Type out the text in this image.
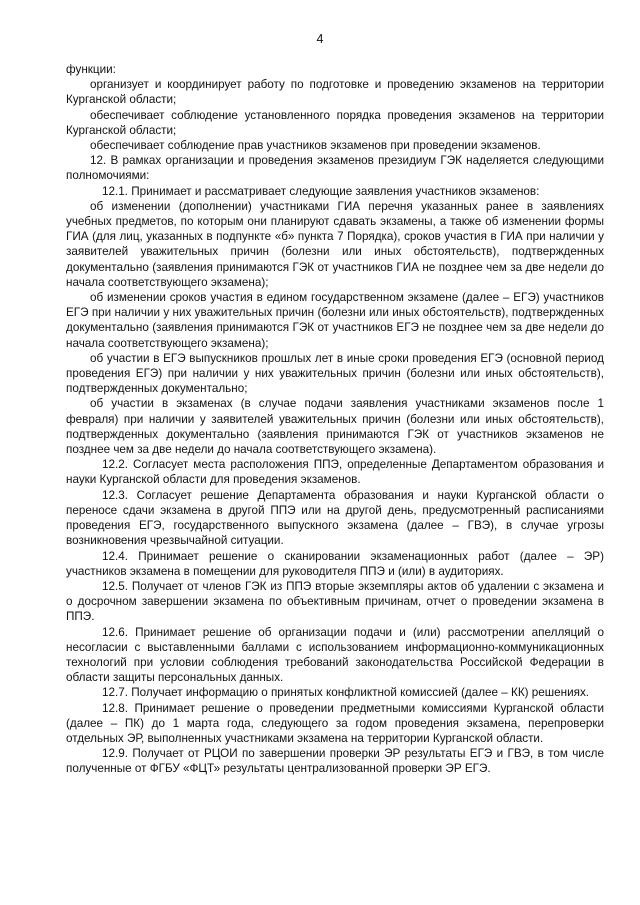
4

функции:

организует и координирует работу по подготовке и проведению экзаменов на территории Курганской области;

обеспечивает соблюдение установленного порядка проведения экзаменов на территории Курганской области;

обеспечивает соблюдение прав участников экзаменов при проведении экзаменов.

12. В рамках организации и проведения экзаменов президиум ГЭК наделяется следующими полномочиями:

12.1. Принимает и рассматривает следующие заявления участников экзаменов:

об изменении (дополнении) участниками ГИА перечня указанных ранее в заявлениях учебных предметов, по которым они планируют сдавать экзамены, а также об изменении формы ГИА (для лиц, указанных в подпункте «б» пункта 7 Порядка), сроков участия в ГИА при наличии у заявителей уважительных причин (болезни или иных обстоятельств), подтвержденных документально (заявления принимаются ГЭК от участников ГИА не позднее чем за две недели до начала соответствующего экзамена);

об изменении сроков участия в едином государственном экзамене (далее – ЕГЭ) участников ЕГЭ при наличии у них уважительных причин (болезни или иных обстоятельств), подтвержденных документально (заявления принимаются ГЭК от участников ЕГЭ не позднее чем за две недели до начала соответствующего экзамена);

об участии в ЕГЭ выпускников прошлых лет в иные сроки проведения ЕГЭ (основной период проведения ЕГЭ) при наличии у них уважительных причин (болезни или иных обстоятельств), подтвержденных документально;

об участии в экзаменах (в случае подачи заявления участниками экзаменов после 1 февраля) при наличии у заявителей уважительных причин (болезни или иных обстоятельств), подтвержденных документально (заявления принимаются ГЭК от участников экзаменов не позднее чем за две недели до начала соответствующего экзамена).

12.2. Согласует места расположения ППЭ, определенные Департаментом образования и науки Курганской области для проведения экзаменов.

12.3. Согласует решение Департамента образования и науки Курганской области о переносе сдачи экзамена в другой ППЭ или на другой день, предусмотренный расписаниями проведения ЕГЭ, государственного выпускного экзамена (далее – ГВЭ), в случае угрозы возникновения чрезвычайной ситуации.

12.4. Принимает решение о сканировании экзаменационных работ (далее – ЭР) участников экзамена в помещении для руководителя ППЭ и (или) в аудиториях.

12.5. Получает от членов ГЭК из ППЭ вторые экземпляры актов об удалении с экзамена и о досрочном завершении экзамена по объективным причинам, отчет о проведении экзамена в ППЭ.

12.6. Принимает решение об организации подачи и (или) рассмотрении апелляций о несогласии с выставленными баллами с использованием информационно-коммуникационных технологий при условии соблюдения требований законодательства Российской Федерации в области защиты персональных данных.

12.7. Получает информацию о принятых конфликтной комиссией (далее – КК) решениях.

12.8. Принимает решение о проведении предметными комиссиями Курганской области (далее – ПК) до 1 марта года, следующего за годом проведения экзамена, перепроверки отдельных ЭР, выполненных участниками экзамена на территории Курганской области.

12.9. Получает от РЦОИ по завершении проверки ЭР результаты ЕГЭ и ГВЭ, в том числе полученные от ФГБУ «ФЦТ» результаты централизованной проверки ЭР ЕГЭ.
